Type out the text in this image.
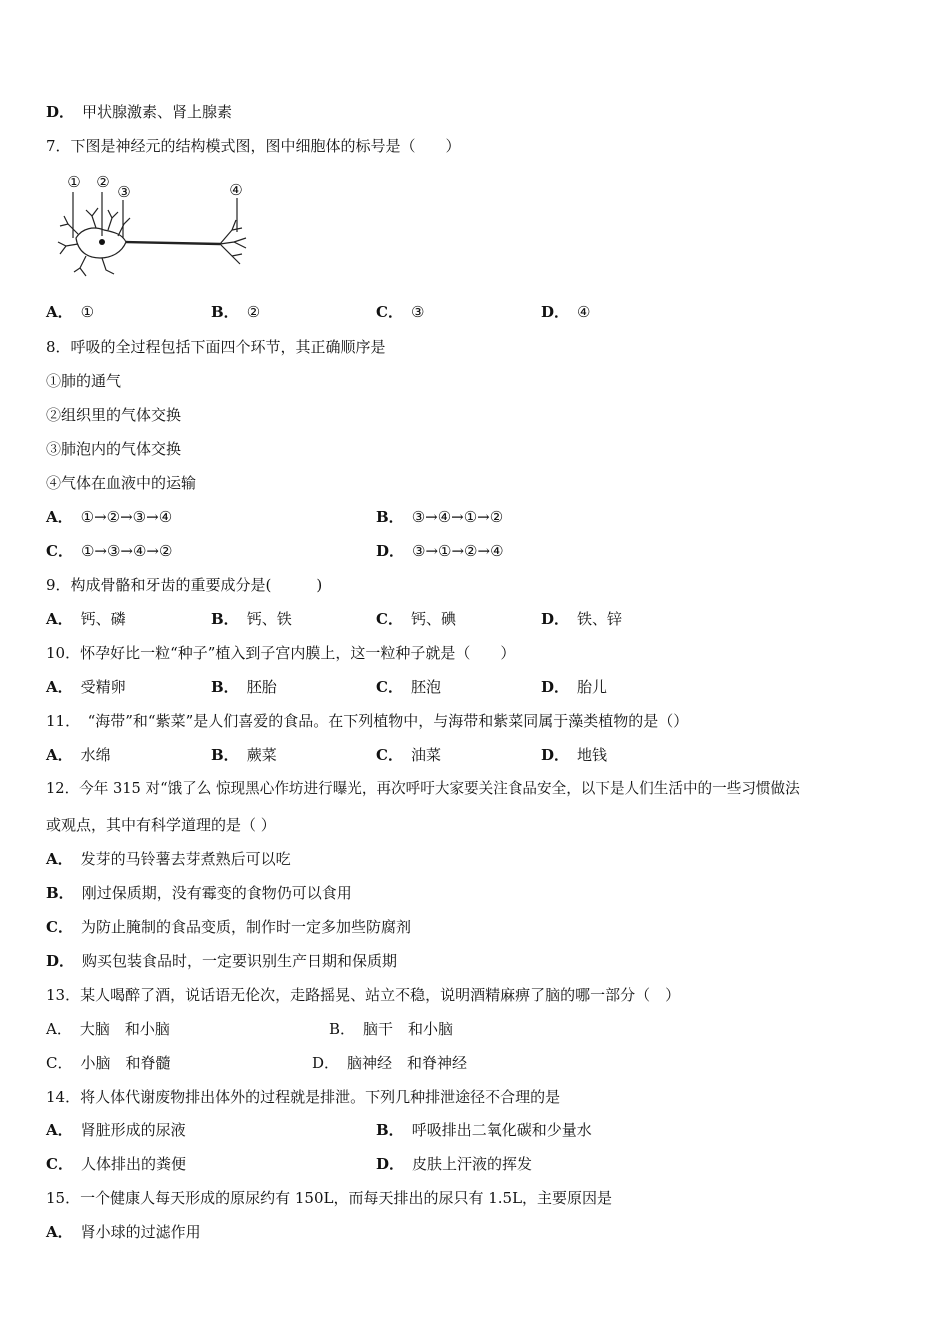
D． 甲状腺激素、肾上腺素
7．下图是神经元的结构模式图，图中细胞体的标号是（　　）
① ②
③	④
A． ①	B． ②	C． ③	D． ④
8．呼吸的全过程包括下面四个环节，其正确顺序是
①肺的通气
②组织里的气体交换
③肺泡内的气体交换
④气体在血液中的运输
A． ①→②→③→④	B． ③→④→①→②
C． ①→③→④→②	D． ③→①→②→④
9．构成骨骼和牙齿的重要成分是(　　　)
A． 钙、磷	B． 钙、铁	C． 钙、碘	D． 铁、锌
10．怀孕好比一粒“种子”植入到子宫内膜上，这一粒种子就是（　　）
A． 受精卵	B． 胚胎	C． 胚泡	D． 胎儿
11．　“海带”和“紫菜”是人们喜爱的食品。在下列植物中，与海带和紫菜同属于藻类植物的是（）
A． 水绵	B． 蕨菜	C． 油菜	D． 地钱
12．今年 315 对“饿了么 惊现黑心作坊进行曝光，再次呼吁大家要关注食品安全，以下是人们生活中的一些习惯做法
或观点，其中有科学道理的是（ ）
A． 发芽的马铃薯去芽煮熟后可以吃
B． 刚过保质期，没有霉变的食物仍可以食用
C． 为防止腌制的食品变质，制作时一定多加些防腐剂
D． 购买包装食品时，一定要识别生产日期和保质期
13．某人喝醉了酒，说话语无伦次，走路摇晃、站立不稳，说明酒精麻痹了脑的哪一部分（　）
A． 大脑　和小脑	B． 脑干　和小脑
C． 小脑　和脊髓	D． 脑神经　和脊神经
14．将人体代谢废物排出体外的过程就是排泄。下列几种排泄途径不合理的是
A． 肾脏形成的尿液	B． 呼吸排出二氧化碳和少量水
C． 人体排出的粪便	D． 皮肤上汗液的挥发
15．一个健康人每天形成的原尿约有 150L，而每天排出的尿只有 1.5L，主要原因是
A． 肾小球的过滤作用
